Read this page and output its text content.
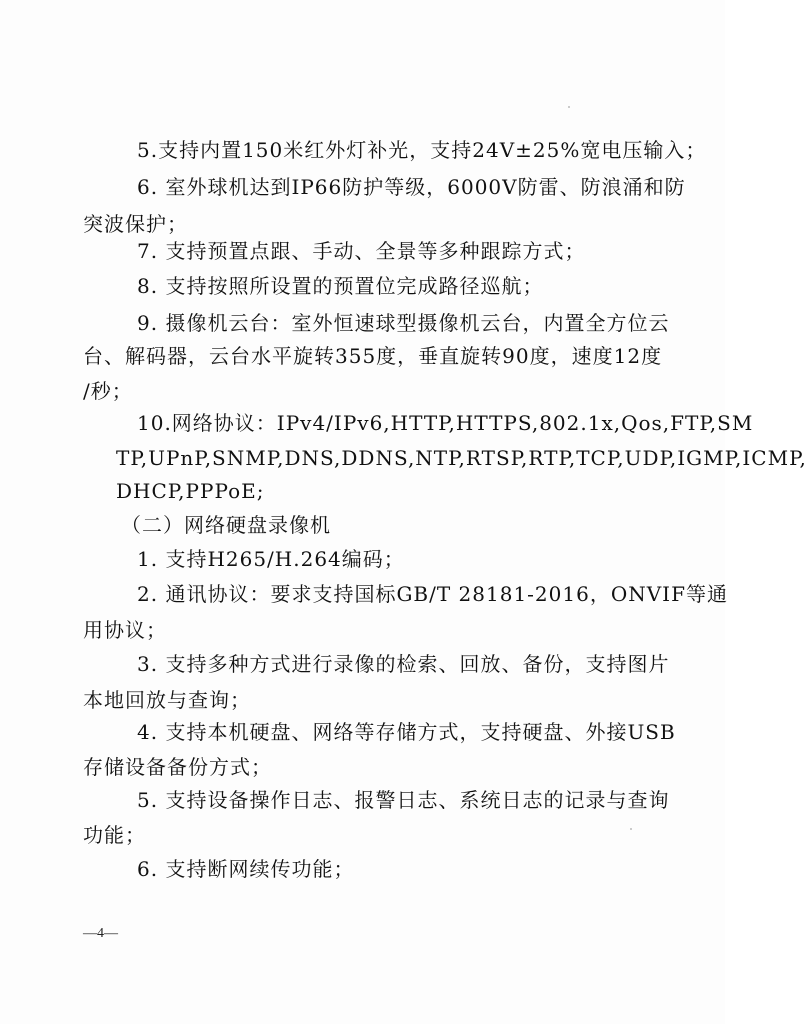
5.支持内置150米红外灯补光，支持24V±25%宽电压输入；
6. 室外球机达到IP66防护等级，6000V防雷、防浪涌和防
突波保护；
7. 支持预置点跟、手动、全景等多种跟踪方式；
8. 支持按照所设置的预置位完成路径巡航；
9. 摄像机云台：室外恒速球型摄像机云台，内置全方位云
台、解码器，云台水平旋转355度，垂直旋转90度，速度12度
/秒；
10.网络协议：IPv4/IPv6,HTTP,HTTPS,802.1x,Qos,FTP,SM
TP,UPnP,SNMP,DNS,DDNS,NTP,RTSP,RTP,TCP,UDP,IGMP,ICMP,
DHCP,PPPoE;
（二）网络硬盘录像机
1. 支持H265/H.264编码；
2. 通讯协议：要求支持国标GB/T 28181-2016，ONVIF等通
用协议；
3. 支持多种方式进行录像的检索、回放、备份，支持图片
本地回放与查询；
4. 支持本机硬盘、网络等存储方式，支持硬盘、外接USB
存储设备备份方式；
5. 支持设备操作日志、报警日志、系统日志的记录与查询
功能；
6. 支持断网续传功能；
—4—
